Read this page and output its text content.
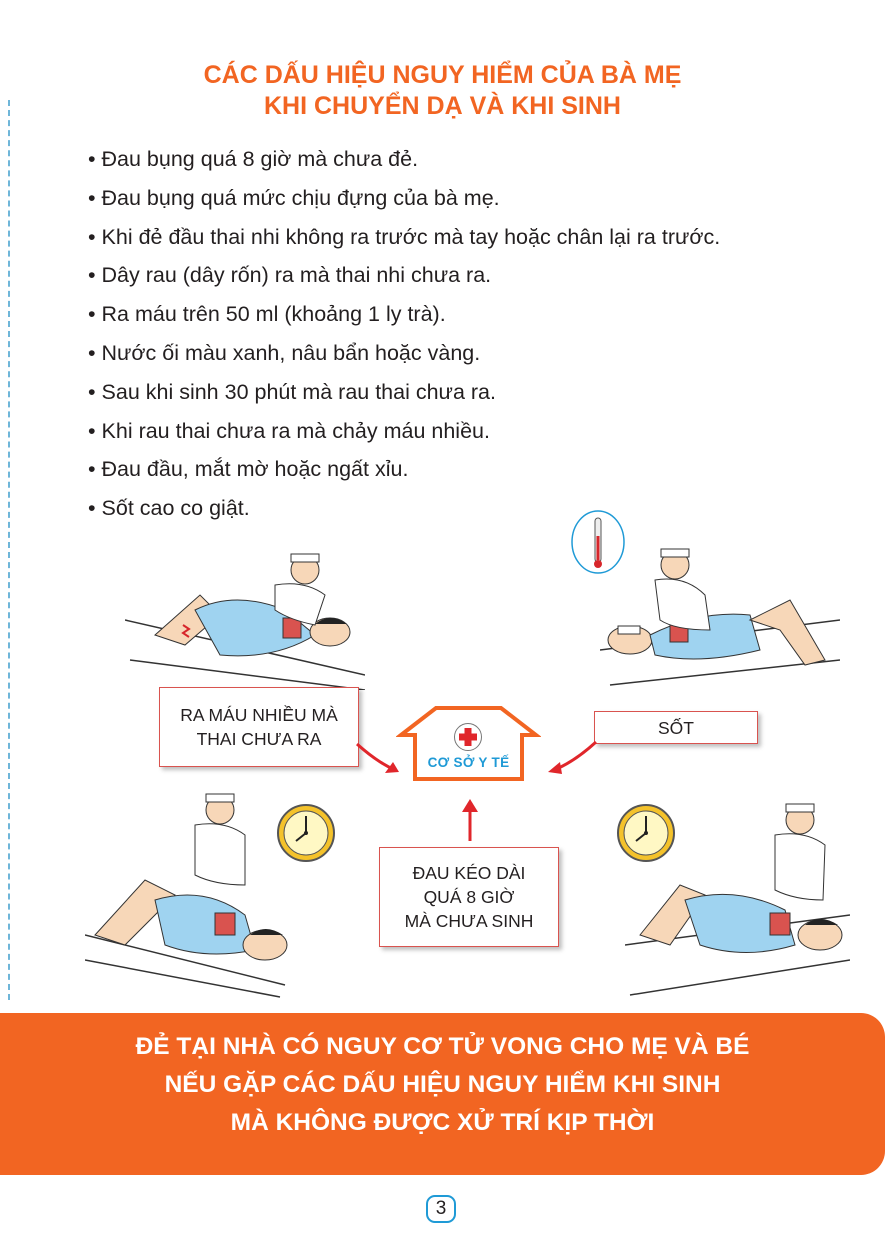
CÁC DẤU HIỆU NGUY HIỂM CỦA BÀ MẸ
KHI CHUYỂN DẠ VÀ KHI SINH
• Đau bụng quá 8 giờ mà chưa đẻ.
• Đau bụng quá mức chịu đựng của bà mẹ.
• Khi đẻ đầu thai nhi không ra trước mà tay hoặc chân lại ra trước.
• Dây rau (dây rốn) ra mà thai nhi chưa ra.
• Ra máu trên 50 ml (khoảng 1 ly trà).
• Nước ối màu xanh, nâu bẩn hoặc vàng.
• Sau khi sinh 30 phút mà rau thai chưa ra.
• Khi rau thai chưa ra mà chảy máu nhiều.
• Đau đầu, mắt mờ hoặc ngất xỉu.
• Sốt cao co giật.
RA MÁU NHIỀU MÀ
THAI CHƯA RA
SỐT
ĐAU KÉO DÀI
QUÁ 8 GIỜ
MÀ CHƯA SINH
CƠ SỞ Y TẾ
ĐẺ TẠI NHÀ CÓ NGUY CƠ TỬ VONG CHO MẸ VÀ BÉ
NẾU GẶP CÁC DẤU HIỆU NGUY HIỂM KHI SINH
MÀ KHÔNG ĐƯỢC XỬ TRÍ KỊP THỜI
3
